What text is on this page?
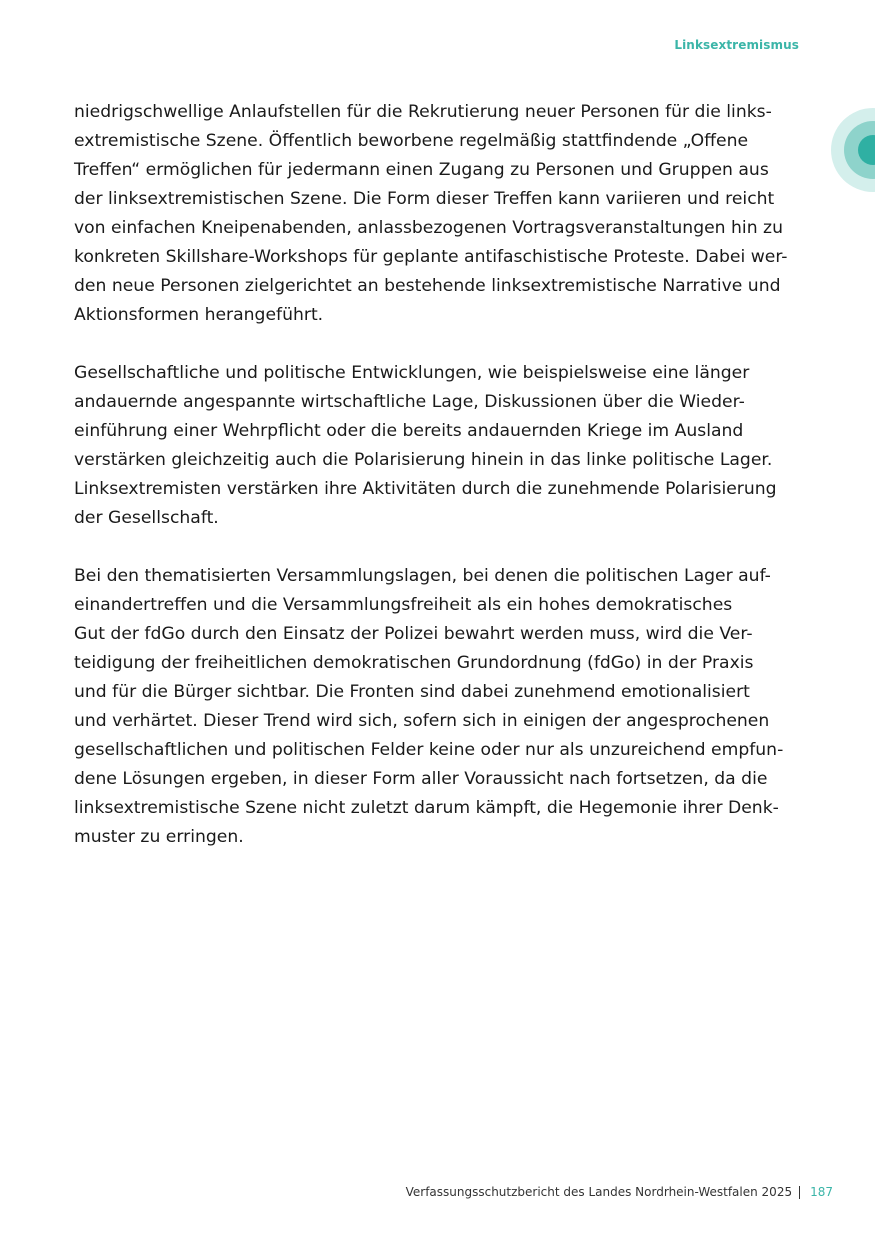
Linksextremismus

niedrigschwellige Anlaufstellen für die Rekrutierung neuer Personen für die links-
extremistische Szene. Öffentlich beworbene regelmäßig stattfindende „Offene
Treffen“ ermöglichen für jedermann einen Zugang zu Personen und Gruppen aus
der linksextremistischen Szene. Die Form dieser Treffen kann variieren und reicht
von einfachen Kneipenabenden, anlassbezogenen Vortragsveranstaltungen hin zu
konkreten Skillshare-Workshops für geplante antifaschistische Proteste. Dabei wer-
den neue Personen zielgerichtet an bestehende linksextremistische Narrative und
Aktionsformen herangeführt.

Gesellschaftliche und politische Entwicklungen, wie beispielsweise eine länger
andauernde angespannte wirtschaftliche Lage, Diskussionen über die Wieder-
einführung einer Wehrpflicht oder die bereits andauernden Kriege im Ausland
verstärken gleichzeitig auch die Polarisierung hinein in das linke politische Lager.
Linksextremisten verstärken ihre Aktivitäten durch die zunehmende Polarisierung
der Gesellschaft.

Bei den thematisierten Versammlungslagen, bei denen die politischen Lager auf-
einandertreffen und die Versammlungsfreiheit als ein hohes demokratisches
Gut der fdGo durch den Einsatz der Polizei bewahrt werden muss, wird die Ver-
teidigung der freiheitlichen demokratischen Grundordnung (fdGo) in der Praxis
und für die Bürger sichtbar. Die Fronten sind dabei zunehmend emotionalisiert
und verhärtet. Dieser Trend wird sich, sofern sich in einigen der angesprochenen
gesellschaftlichen und politischen Felder keine oder nur als unzureichend empfun-
dene Lösungen ergeben, in dieser Form aller Voraussicht nach fortsetzen, da die
linksextremistische Szene nicht zuletzt darum kämpft, die Hegemonie ihrer Denk-
muster zu erringen.

Verfassungsschutzbericht des Landes Nordrhein-Westfalen 2025 187
